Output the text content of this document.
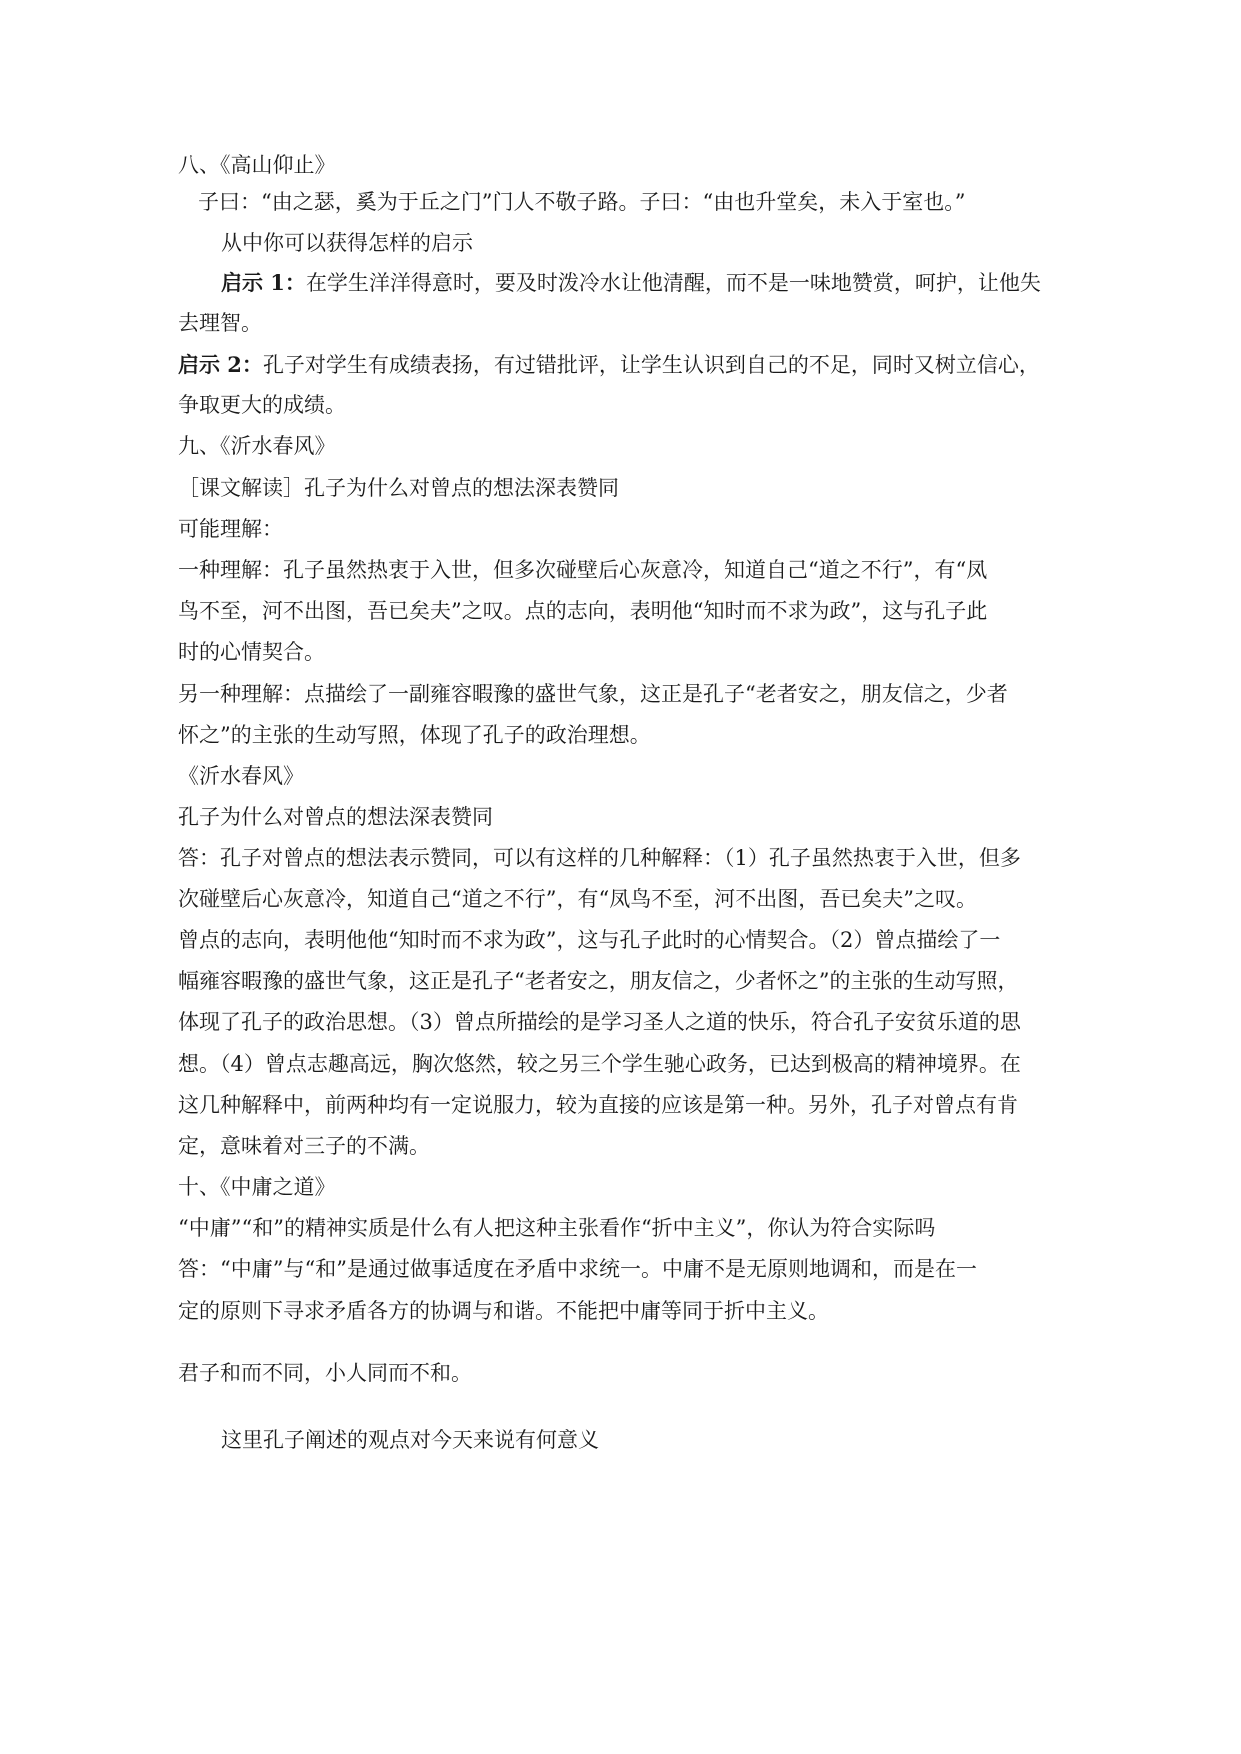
八、《高山仰止》
子曰：“由之瑟，奚为于丘之门”门人不敬子路。子曰：“由也升堂矣，未入于室也。”
从中你可以获得怎样的启示
启示 1：在学生洋洋得意时，要及时泼冷水让他清醒，而不是一味地赞赏，呵护，让他失
去理智。
启示 2：孔子对学生有成绩表扬，有过错批评，让学生认识到自己的不足，同时又树立信心，
争取更大的成绩。
九、《沂水春风》
［课文解读］孔子为什么对曾点的想法深表赞同
可能理解：
一种理解：孔子虽然热衷于入世，但多次碰壁后心灰意冷，知道自己“道之不行”，有“凤
鸟不至，河不出图，吾已矣夫”之叹。点的志向，表明他“知时而不求为政”，这与孔子此
时的心情契合。
另一种理解：点描绘了一副雍容暇豫的盛世气象，这正是孔子“老者安之，朋友信之，少者
怀之”的主张的生动写照，体现了孔子的政治理想。
《沂水春风》
孔子为什么对曾点的想法深表赞同
答：孔子对曾点的想法表示赞同，可以有这样的几种解释：（1）孔子虽然热衷于入世，但多
次碰壁后心灰意冷，知道自己“道之不行”，有“凤鸟不至，河不出图，吾已矣夫”之叹。
曾点的志向，表明他他“知时而不求为政”，这与孔子此时的心情契合。（2）曾点描绘了一
幅雍容暇豫的盛世气象，这正是孔子“老者安之，朋友信之，少者怀之”的主张的生动写照，
体现了孔子的政治思想。（3）曾点所描绘的是学习圣人之道的快乐，符合孔子安贫乐道的思
想。（4）曾点志趣高远，胸次悠然，较之另三个学生驰心政务，已达到极高的精神境界。在
这几种解释中，前两种均有一定说服力，较为直接的应该是第一种。另外，孔子对曾点有肯
定，意味着对三子的不满。
十、《中庸之道》
“中庸”“和”的精神实质是什么有人把这种主张看作“折中主义”，你认为符合实际吗
答：“中庸”与“和”是通过做事适度在矛盾中求统一。中庸不是无原则地调和，而是在一
定的原则下寻求矛盾各方的协调与和谐。不能把中庸等同于折中主义。
君子和而不同，小人同而不和。
这里孔子阐述的观点对今天来说有何意义
